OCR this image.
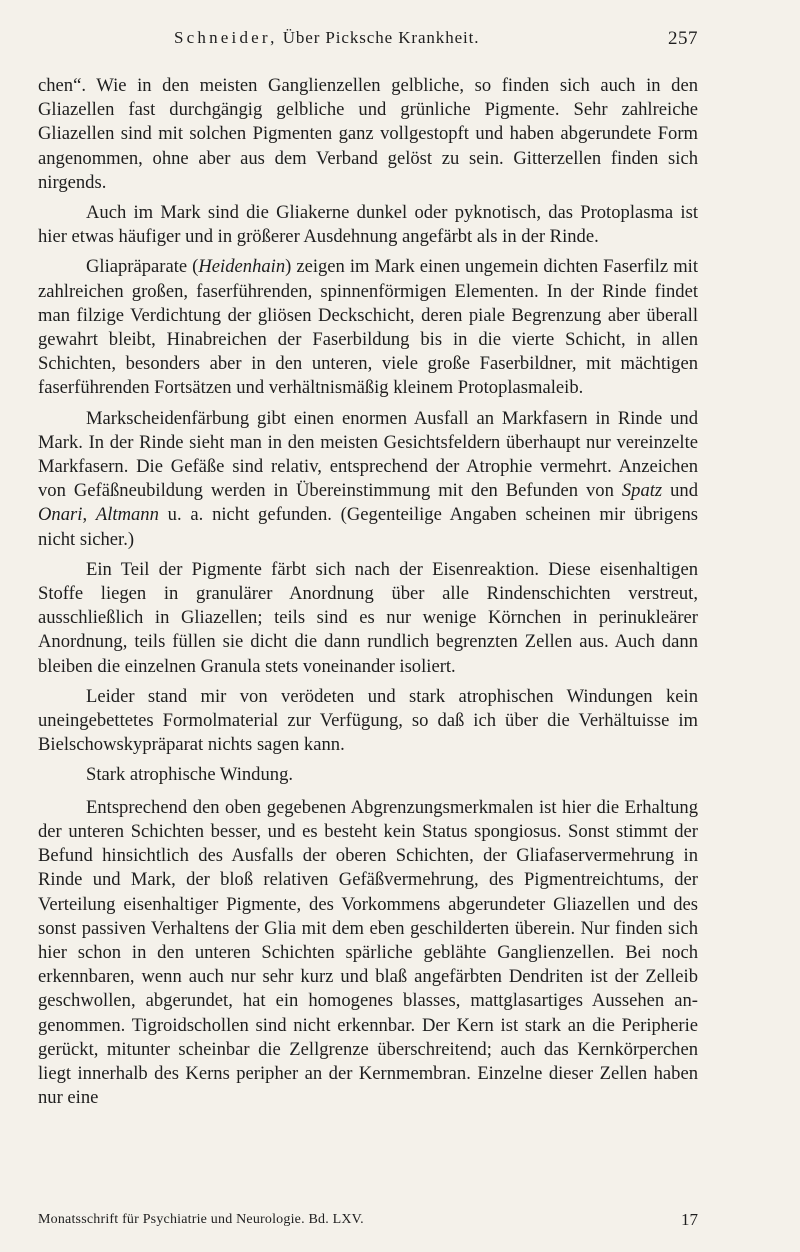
Schneider, Über Picksche Krankheit.	257

chen“. Wie in den meisten Ganglienzellen gelbliche, so finden sich auch in den Gliazellen fast durchgängig gelbliche und grünliche Pigmente. Sehr zahlreiche Gliazellen sind mit solchen Pigmenten ganz vollgestopft und haben abgerundete Form angenommen, ohne aber aus dem Verband gelöst zu sein. Gitterzellen finden sich nirgends.

Auch im Mark sind die Gliakerne dunkel oder pyknotisch, das Protoplasma ist hier etwas häufiger und in größerer Ausdehnung angefärbt als in der Rinde.

Gliapräparate (Heidenhain) zeigen im Mark einen ungemein dichten Faserfilz mit zahlreichen großen, faserführenden, spinnenförmigen Elementen. In der Rinde findet man filzige Verdichtung der gliösen Deckschicht, deren piale Begrenzung aber überall gewahrt bleibt, Hinabreichen der Faserbildung bis in die vierte Schicht, in allen Schichten, besonders aber in den unteren, viele große Faserbildner, mit mächtigen faserführenden Fortsätzen und verhältnismäßig kleinem Protoplasmaleib.

Markscheidenfärbung gibt einen enormen Ausfall an Markfasern in Rinde und Mark. In der Rinde sieht man in den meisten Gesichtsfeldern überhaupt nur vereinzelte Markfasern. Die Gefäße sind relativ, entsprechend der Atrophie vermehrt. Anzeichen von Gefäßneubildung werden in Übereinstimmung mit den Befunden von Spatz und Onari, Altmann u. a. nicht gefunden. (Gegenteilige Angaben scheinen mir übrigens nicht sicher.)

Ein Teil der Pigmente färbt sich nach der Eisenreaktion. Diese eisenhaltigen Stoffe liegen in granulärer Anordnung über alle Rindenschichten verstreut, ausschließlich in Gliazellen; teils sind es nur wenige Körnchen in perinukleärer Anordnung, teils füllen sie dicht die dann rundlich begrenzten Zellen aus. Auch dann bleiben die einzelnen Granula stets voneinander isoliert.

Leider stand mir von verödeten und stark atrophischen Windungen kein uneingebettetes Formolmaterial zur Verfügung, so daß ich über die Verhältuisse im Bielschowskypräparat nichts sagen kann.

Stark atrophische Windung.

Entsprechend den oben gegebenen Abgrenzungsmerkmalen ist hier die Erhaltung der unteren Schichten besser, und es besteht kein Status spongiosus. Sonst stimmt der Befund hinsichtlich des Ausfalls der oberen Schichten, der Gliafaservermehrung in Rinde und Mark, der bloß relativen Gefäßvermehrung, des Pigmentreichtums, der Verteilung eisenhaltiger Pigmente, des Vorkommens abgerundeter Gliazellen und des sonst passiven Verhaltens der Glia mit dem eben geschilderten überein. Nur finden sich hier schon in den unteren Schichten spärliche geblähte Ganglienzellen. Bei noch erkennbaren, wenn auch nur sehr kurz und blaß angefärbten Dendriten ist der Zelleib geschwollen, abgerundet, hat ein homogenes blasses, mattglasartiges Aussehen angenommen. Tigroidschollen sind nicht erkennbar. Der Kern ist stark an die Peripherie gerückt, mitunter scheinbar die Zellgrenze überschreitend; auch das Kernkörperchen liegt innerhalb des Kerns peripher an der Kernmembran. Einzelne dieser Zellen haben nur eine

Monatsschrift für Psychiatrie und Neurologie. Bd. LXV.	17
